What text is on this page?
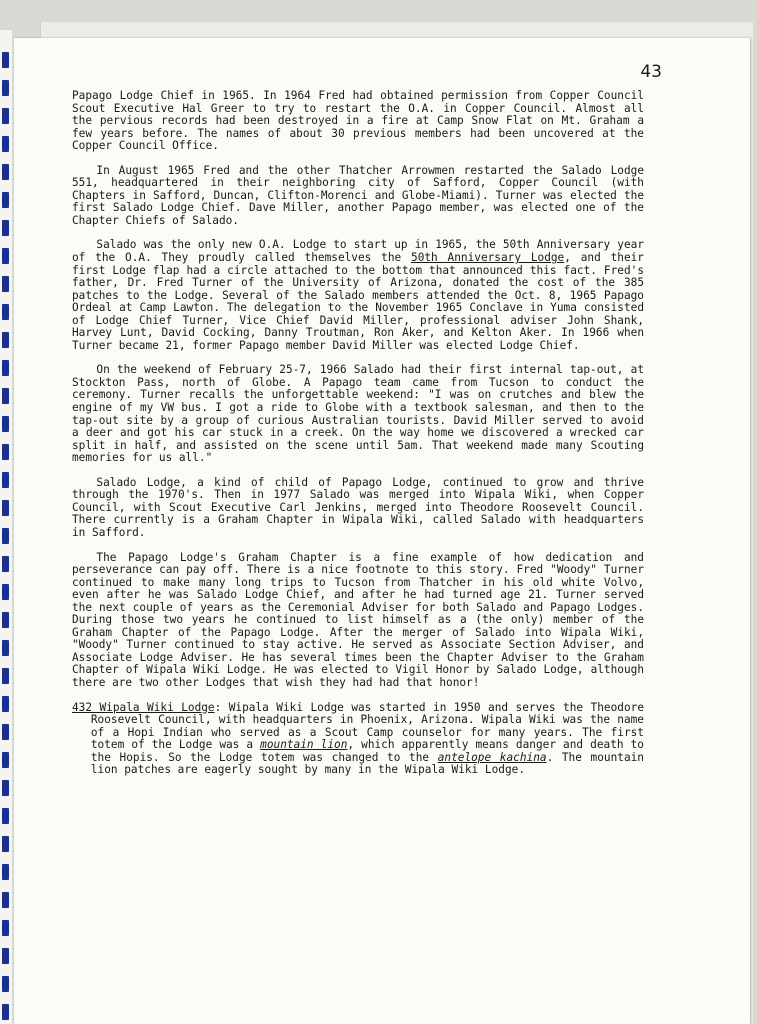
43

Papago Lodge Chief in 1965. In 1964 Fred had obtained permission from Copper Council Scout Executive Hal Greer to try to restart the O.A. in Copper Council. Almost all the pervious records had been destroyed in a fire at Camp Snow Flat on Mt. Graham a few years before. The names of about 30 previous members had been uncovered at the Copper Council Office.

In August 1965 Fred and the other Thatcher Arrowmen restarted the Salado Lodge 551, headquartered in their neighboring city of Safford, Copper Council (with Chapters in Safford, Duncan, Clifton-Morenci and Globe-Miami). Turner was elected the first Salado Lodge Chief. Dave Miller, another Papago member, was elected one of the Chapter Chiefs of Salado.

Salado was the only new O.A. Lodge to start up in 1965, the 50th Anniversary year of the O.A. They proudly called themselves the 50th Anniversary Lodge, and their first Lodge flap had a circle attached to the bottom that announced this fact. Fred's father, Dr. Fred Turner of the University of Arizona, donated the cost of the 385 patches to the Lodge. Several of the Salado members attended the Oct. 8, 1965 Papago Ordeal at Camp Lawton. The delegation to the November 1965 Conclave in Yuma consisted of Lodge Chief Turner, Vice Chief David Miller, professional adviser John Shank, Harvey Lunt, David Cocking, Danny Troutman, Ron Aker, and Kelton Aker. In 1966 when Turner became 21, former Papago member David Miller was elected Lodge Chief.

On the weekend of February 25-7, 1966 Salado had their first internal tap-out, at Stockton Pass, north of Globe. A Papago team came from Tucson to conduct the ceremony. Turner recalls the unforgettable weekend: "I was on crutches and blew the engine of my VW bus. I got a ride to Globe with a textbook salesman, and then to the tap-out site by a group of curious Australian tourists. David Miller served to avoid a deer and got his car stuck in a creek. On the way home we discovered a wrecked car split in half, and assisted on the scene until 5am. That weekend made many Scouting memories for us all."

Salado Lodge, a kind of child of Papago Lodge, continued to grow and thrive through the 1970's. Then in 1977 Salado was merged into Wipala Wiki, when Copper Council, with Scout Executive Carl Jenkins, merged into Theodore Roosevelt Council. There currently is a Graham Chapter in Wipala Wiki, called Salado with headquarters in Safford.

The Papago Lodge's Graham Chapter is a fine example of how dedication and perseverance can pay off. There is a nice footnote to this story. Fred "Woody" Turner continued to make many long trips to Tucson from Thatcher in his old white Volvo, even after he was Salado Lodge Chief, and after he had turned age 21. Turner served the next couple of years as the Ceremonial Adviser for both Salado and Papago Lodges. During those two years he continued to list himself as a (the only) member of the Graham Chapter of the Papago Lodge. After the merger of Salado into Wipala Wiki, "Woody" Turner continued to stay active. He served as Associate Section Adviser, and Associate Lodge Adviser. He has several times been the Chapter Adviser to the Graham Chapter of Wipala Wiki Lodge. He was elected to Vigil Honor by Salado Lodge, although there are two other Lodges that wish they had had that honor!

432 Wipala Wiki Lodge: Wipala Wiki Lodge was started in 1950 and serves the Theodore Roosevelt Council, with headquarters in Phoenix, Arizona. Wipala Wiki was the name of a Hopi Indian who served as a Scout Camp counselor for many years. The first totem of the Lodge was a mountain lion, which apparently means danger and death to the Hopis. So the Lodge totem was changed to the antelope kachina. The mountain lion patches are eagerly sought by many in the Wipala Wiki Lodge.
